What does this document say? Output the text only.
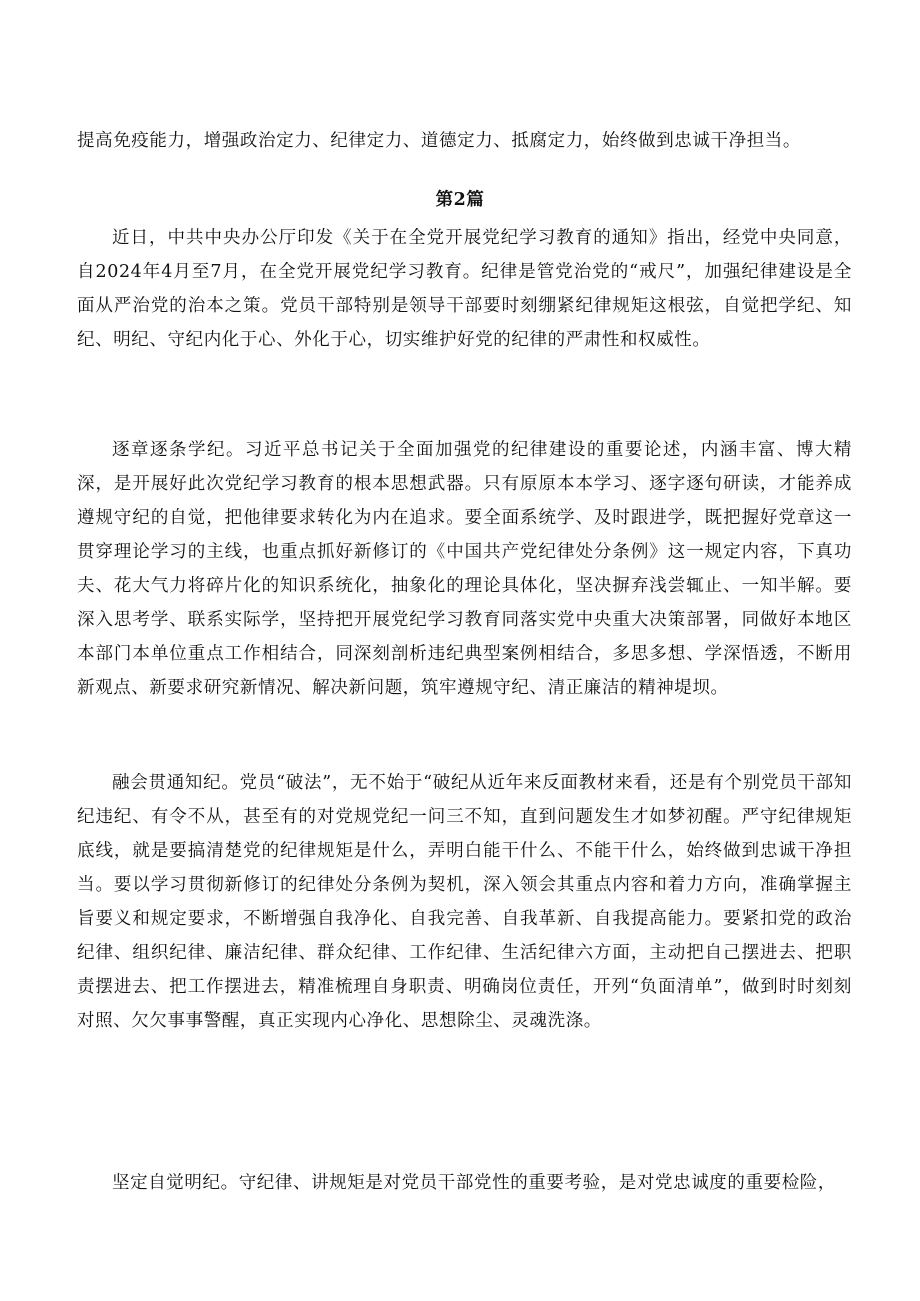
提高免疫能力，增强政治定力、纪律定力、道德定力、抵腐定力，始终做到忠诚干净担当。

第2篇

近日，中共中央办公厅印发《关于在全党开展党纪学习教育的通知》指出，经党中央同意，自2024年4月至7月，在全党开展党纪学习教育。纪律是管党治党的“戒尺”，加强纪律建设是全面从严治党的治本之策。党员干部特别是领导干部要时刻绷紧纪律规矩这根弦，自觉把学纪、知纪、明纪、守纪内化于心、外化于心，切实维护好党的纪律的严肃性和权威性。

逐章逐条学纪。习近平总书记关于全面加强党的纪律建设的重要论述，内涵丰富、博大精深，是开展好此次党纪学习教育的根本思想武器。只有原原本本学习、逐字逐句研读，才能养成遵规守纪的自觉，把他律要求转化为内在追求。要全面系统学、及时跟进学，既把握好党章这一贯穿理论学习的主线，也重点抓好新修订的《中国共产党纪律处分条例》这一规定内容，下真功夫、花大气力将碎片化的知识系统化，抽象化的理论具体化，坚决摒弃浅尝辄止、一知半解。要深入思考学、联系实际学，坚持把开展党纪学习教育同落实党中央重大决策部署，同做好本地区本部门本单位重点工作相结合，同深刻剖析违纪典型案例相结合，多思多想、学深悟透，不断用新观点、新要求研究新情况、解决新问题，筑牢遵规守纪、清正廉洁的精神堤坝。

融会贯通知纪。党员“破法”，无不始于“破纪从近年来反面教材来看，还是有个别党员干部知纪违纪、有令不从，甚至有的对党规党纪一问三不知，直到问题发生才如梦初醒。严守纪律规矩底线，就是要搞清楚党的纪律规矩是什么，弄明白能干什么、不能干什么，始终做到忠诚干净担当。要以学习贯彻新修订的纪律处分条例为契机，深入领会其重点内容和着力方向，准确掌握主旨要义和规定要求，不断增强自我净化、自我完善、自我革新、自我提高能力。要紧扣党的政治纪律、组织纪律、廉洁纪律、群众纪律、工作纪律、生活纪律六方面，主动把自己摆进去、把职责摆进去、把工作摆进去，精准梳理自身职责、明确岗位责任，开列“负面清单”，做到时时刻刻对照、欠欠事事警醒，真正实现内心净化、思想除尘、灵魂洗涤。

坚定自觉明纪。守纪律、讲规矩是对党员干部党性的重要考验，是对党忠诚度的重要检险，
